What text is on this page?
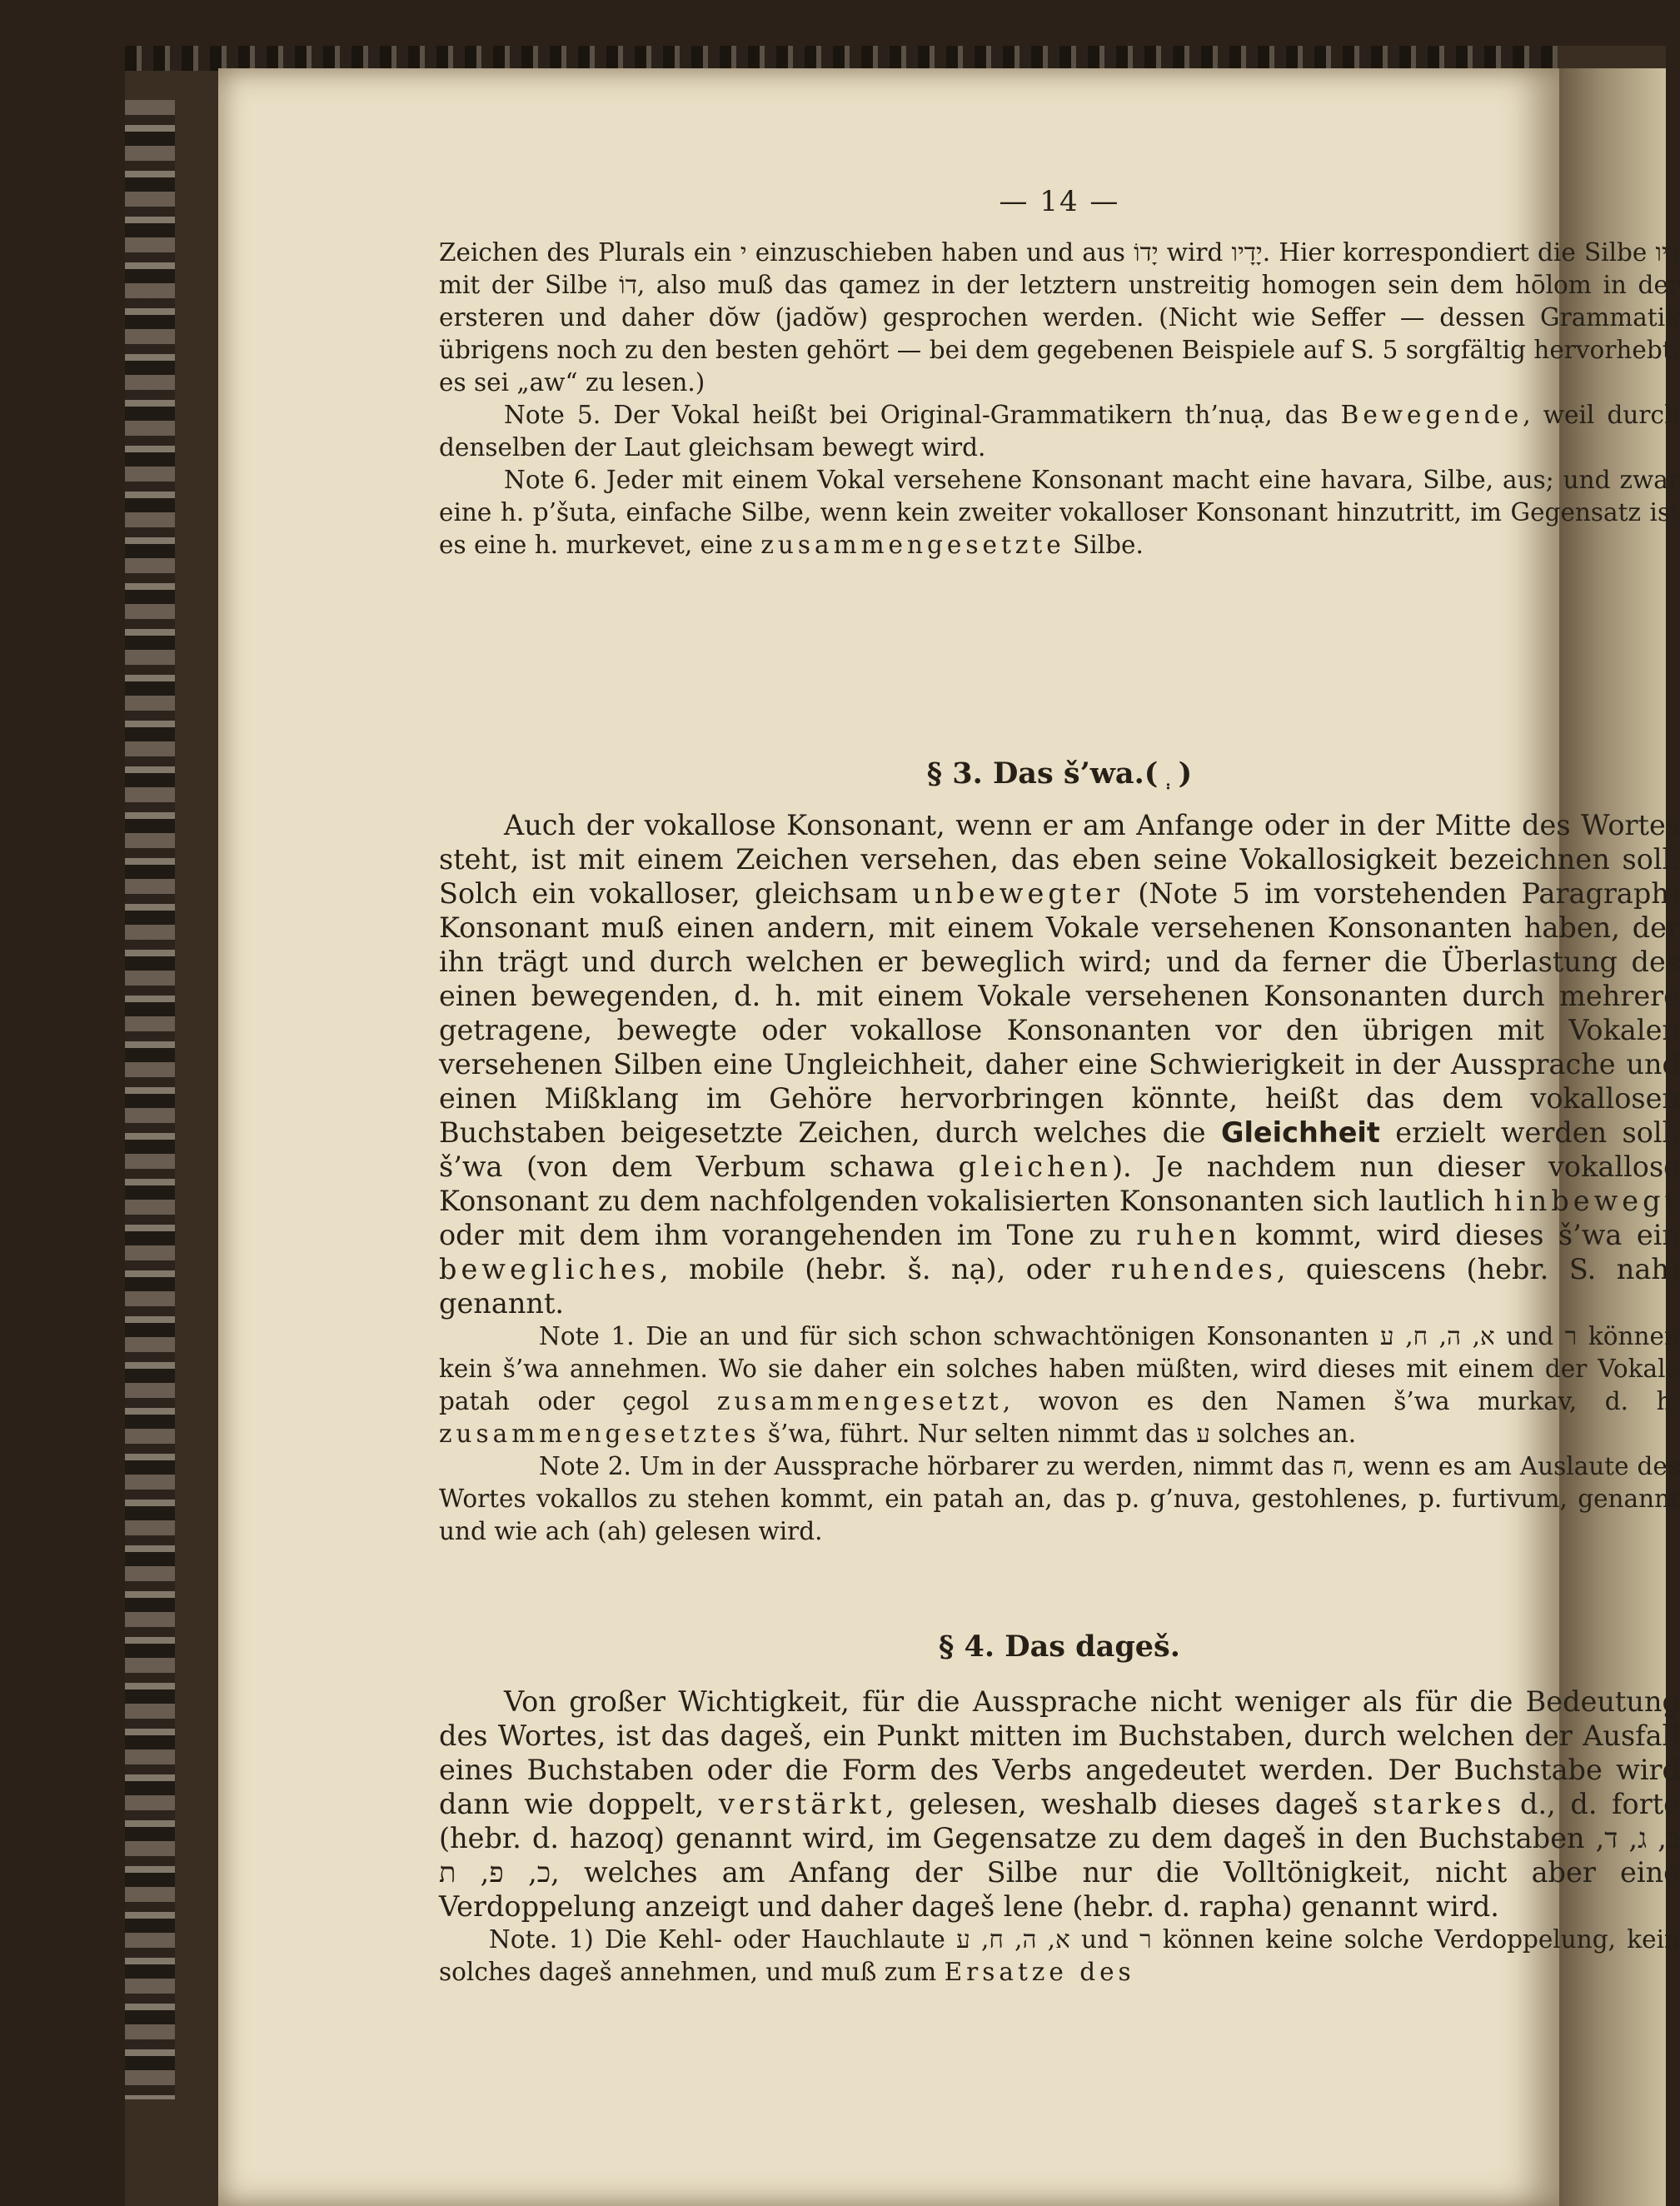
— 14 —

Zeichen des Plurals ein י einzuschieben haben und aus יָדוֹ wird יָדָיו. Hier korrespondiert die Silbe דָיו mit der Silbe דוֹ, also muß das qamez in der letztern unstreitig homogen sein dem hōlom in der ersteren und daher dŏw (jadŏw) gesprochen werden. (Nicht wie Seffer — dessen Grammatik übrigens noch zu den besten gehört — bei dem gegebenen Beispiele auf S. 5 sorgfältig hervorhebt, es sei „aw“ zu lesen.)

Note 5. Der Vokal heißt bei Original-Grammatikern th’nuạ, das Bewegende, weil durch denselben der Laut gleichsam bewegt wird.

Note 6. Jeder mit einem Vokal versehene Konsonant macht eine havara, Silbe, aus; und zwar eine h. p’šuta, einfache Silbe, wenn kein zweiter vokalloser Konsonant hinzutritt, im Gegensatz ist es eine h. murkevet, eine zusammengesetzte Silbe.

§ 3. Das š’wa.( ְ )

Auch der vokallose Konsonant, wenn er am Anfange oder in der Mitte des Wortes steht, ist mit einem Zeichen versehen, das eben seine Vokallosigkeit bezeichnen soll. Solch ein vokalloser, gleichsam unbewegter (Note 5 im vorstehenden Paragraph) Konsonant muß einen andern, mit einem Vokale versehenen Konsonanten haben, der ihn trägt und durch welchen er beweglich wird; und da ferner die Überlastung des einen bewegenden, d. h. mit einem Vokale versehenen Konsonanten durch mehrere getragene, bewegte oder vokallose Konsonanten vor den übrigen mit Vokalen versehenen Silben eine Ungleichheit, daher eine Schwierigkeit in der Aussprache und einen Mißklang im Gehöre hervorbringen könnte, heißt das dem vokallosen Buchstaben beigesetzte Zeichen, durch welches die Gleichheit erzielt werden soll, š’wa (von dem Verbum schawa gleichen). Je nachdem nun dieser vokallose Konsonant zu dem nachfolgenden vokalisierten Konsonanten sich lautlich hinbewegt oder mit dem ihm vorangehenden im Tone zu ruhen kommt, wird dieses š’wa ein bewegliches, mobile (hebr. š. nạ), oder ruhendes, quiescens (hebr. S. nah) genannt.

Note 1. Die an und für sich schon schwachtönigen Konsonanten א, ה, ח, ע und ר können kein š’wa annehmen. Wo sie daher ein solches haben müßten, wird dieses mit einem der Vokale patah oder çegol zusammengesetzt, wovon es den Namen š’wa murkav, d. h. zusammengesetztes š’wa, führt. Nur selten nimmt das ע solches an.

Note 2. Um in der Aussprache hörbarer zu werden, nimmt das ח, wenn es am Auslaute des Wortes vokallos zu stehen kommt, ein patah an, das p. g’nuva, gestohlenes, p. furtivum, genannt und wie ach (ah) gelesen wird.

§ 4. Das dageš.

Von großer Wichtigkeit, für die Aussprache nicht weniger als für die Bedeutung des Wortes, ist das dageš, ein Punkt mitten im Buchstaben, durch welchen der Ausfall eines Buchstaben oder die Form des Verbs angedeutet werden. Der Buchstabe wird dann wie doppelt, verstärkt, gelesen, weshalb dieses dageš starkes d., d. forte (hebr. d. hazoq) genannt wird, im Gegensatze zu dem dageš in den Buchstaben ב, ג, ד, כ, פ, ת, welches am Anfang der Silbe nur die Volltönigkeit, nicht aber eine Verdoppelung anzeigt und daher dageš lene (hebr. d. rapha) genannt wird.

Note. 1) Die Kehl- oder Hauchlaute א, ה, ח, ע und ר können keine solche Verdoppelung, kein solches dageš annehmen, und muß zum Ersatze des
